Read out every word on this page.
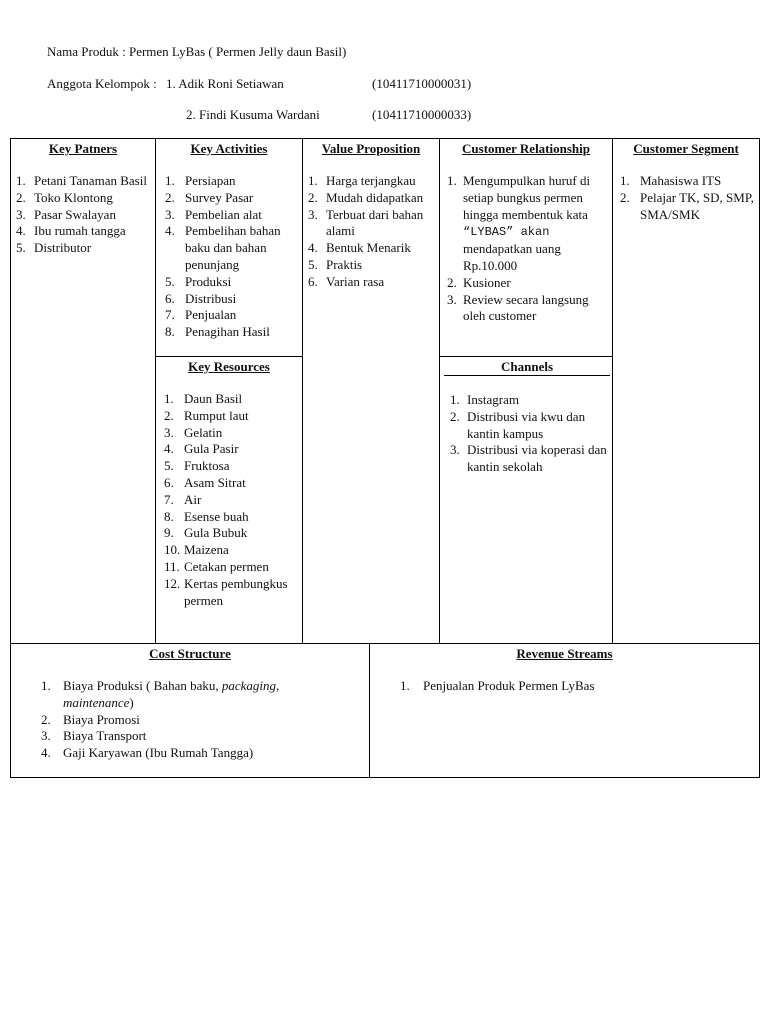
Nama Produk : Permen LyBas ( Permen Jelly daun Basil)
Anggota Kelompok : 1. Adik Roni Setiawan	(10411710000031)
2. Findi Kusuma Wardani	(10411710000033)
Key Patners
1. Petani Tanaman Basil
2. Toko Klontong
3. Pasar Swalayan
4. Ibu rumah tangga
5. Distributor
Key Activities
1. Persiapan
2. Survey Pasar
3. Pembelian alat
4. Pembelihan bahan baku dan bahan penunjang
5. Produksi
6. Distribusi
7. Penjualan
8. Penagihan Hasil
Key Resources
1. Daun Basil
2. Rumput laut
3. Gelatin
4. Gula Pasir
5. Fruktosa
6. Asam Sitrat
7. Air
8. Esense buah
9. Gula Bubuk
10. Maizena
11. Cetakan permen
12. Kertas pembungkus permen
Value Proposition
1. Harga terjangkau
2. Mudah didapatkan
3. Terbuat dari bahan alami
4. Bentuk Menarik
5. Praktis
6. Varian rasa
Customer Relationship
1. Mengumpulkan huruf di setiap bungkus permen hingga membentuk kata “LYBAS” akan mendapatkan uang Rp.10.000
2. Kusioner
3. Review secara langsung oleh customer
Channels
1. Instagram
2. Distribusi via kwu dan kantin kampus
3. Distribusi via koperasi dan kantin sekolah
Customer Segment
1. Mahasiswa ITS
2. Pelajar TK, SD, SMP, SMA/SMK
Cost Structure
1. Biaya Produksi ( Bahan baku, packaging, maintenance)
2. Biaya Promosi
3. Biaya Transport
4. Gaji Karyawan (Ibu Rumah Tangga)
Revenue Streams
1. Penjualan Produk Permen LyBas
